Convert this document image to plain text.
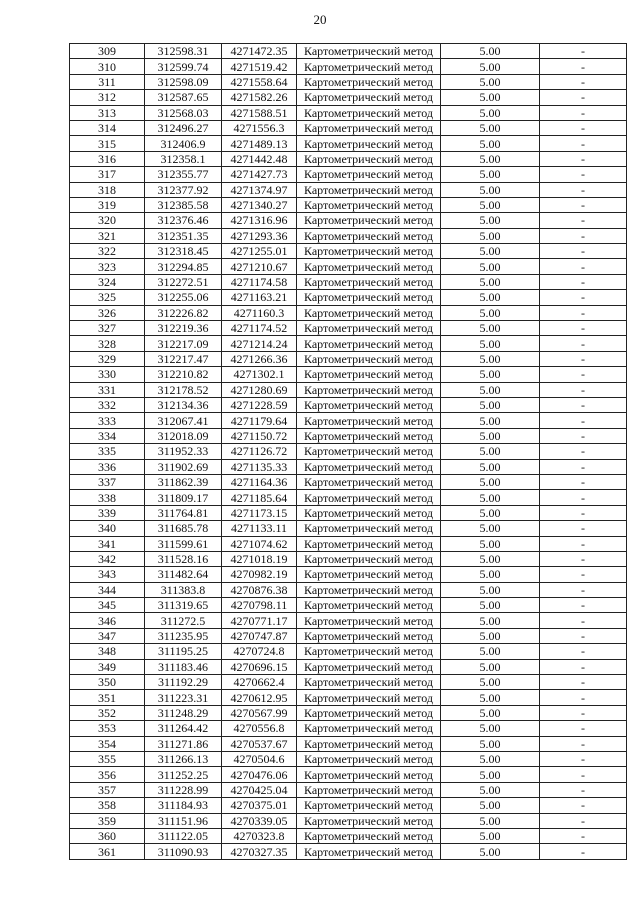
20
309	312598.31	4271472.35	Картометрический метод	5.00	-
310	312599.74	4271519.42	Картометрический метод	5.00	-
311	312598.09	4271558.64	Картометрический метод	5.00	-
312	312587.65	4271582.26	Картометрический метод	5.00	-
313	312568.03	4271588.51	Картометрический метод	5.00	-
314	312496.27	4271556.3	Картометрический метод	5.00	-
315	312406.9	4271489.13	Картометрический метод	5.00	-
316	312358.1	4271442.48	Картометрический метод	5.00	-
317	312355.77	4271427.73	Картометрический метод	5.00	-
318	312377.92	4271374.97	Картометрический метод	5.00	-
319	312385.58	4271340.27	Картометрический метод	5.00	-
320	312376.46	4271316.96	Картометрический метод	5.00	-
321	312351.35	4271293.36	Картометрический метод	5.00	-
322	312318.45	4271255.01	Картометрический метод	5.00	-
323	312294.85	4271210.67	Картометрический метод	5.00	-
324	312272.51	4271174.58	Картометрический метод	5.00	-
325	312255.06	4271163.21	Картометрический метод	5.00	-
326	312226.82	4271160.3	Картометрический метод	5.00	-
327	312219.36	4271174.52	Картометрический метод	5.00	-
328	312217.09	4271214.24	Картометрический метод	5.00	-
329	312217.47	4271266.36	Картометрический метод	5.00	-
330	312210.82	4271302.1	Картометрический метод	5.00	-
331	312178.52	4271280.69	Картометрический метод	5.00	-
332	312134.36	4271228.59	Картометрический метод	5.00	-
333	312067.41	4271179.64	Картометрический метод	5.00	-
334	312018.09	4271150.72	Картометрический метод	5.00	-
335	311952.33	4271126.72	Картометрический метод	5.00	-
336	311902.69	4271135.33	Картометрический метод	5.00	-
337	311862.39	4271164.36	Картометрический метод	5.00	-
338	311809.17	4271185.64	Картометрический метод	5.00	-
339	311764.81	4271173.15	Картометрический метод	5.00	-
340	311685.78	4271133.11	Картометрический метод	5.00	-
341	311599.61	4271074.62	Картометрический метод	5.00	-
342	311528.16	4271018.19	Картометрический метод	5.00	-
343	311482.64	4270982.19	Картометрический метод	5.00	-
344	311383.8	4270876.38	Картометрический метод	5.00	-
345	311319.65	4270798.11	Картометрический метод	5.00	-
346	311272.5	4270771.17	Картометрический метод	5.00	-
347	311235.95	4270747.87	Картометрический метод	5.00	-
348	311195.25	4270724.8	Картометрический метод	5.00	-
349	311183.46	4270696.15	Картометрический метод	5.00	-
350	311192.29	4270662.4	Картометрический метод	5.00	-
351	311223.31	4270612.95	Картометрический метод	5.00	-
352	311248.29	4270567.99	Картометрический метод	5.00	-
353	311264.42	4270556.8	Картометрический метод	5.00	-
354	311271.86	4270537.67	Картометрический метод	5.00	-
355	311266.13	4270504.6	Картометрический метод	5.00	-
356	311252.25	4270476.06	Картометрический метод	5.00	-
357	311228.99	4270425.04	Картометрический метод	5.00	-
358	311184.93	4270375.01	Картометрический метод	5.00	-
359	311151.96	4270339.05	Картометрический метод	5.00	-
360	311122.05	4270323.8	Картометрический метод	5.00	-
361	311090.93	4270327.35	Картометрический метод	5.00	-
